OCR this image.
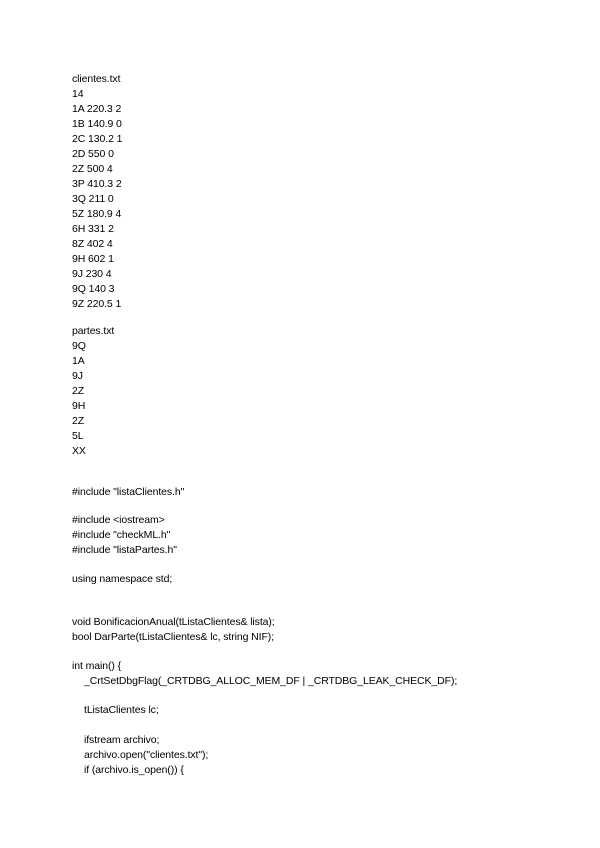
clientes.txt
14
1A 220.3 2
1B 140.9 0
2C 130.2 1
2D 550 0
2Z 500 4
3P 410.3 2
3Q 211 0
5Z 180.9 4
6H 331 2
8Z 402 4
9H 602 1
9J 230 4
9Q 140 3
9Z 220.5 1
partes.txt
9Q
1A
9J
2Z
9H
2Z
5L
XX
#include "listaClientes.h"
#include <iostream>
#include "checkML.h"
#include "listaPartes.h"
using namespace std;
void BonificacionAnual(tListaClientes& lista);
bool DarParte(tListaClientes& lc, string NIF);
int main() {
_CrtSetDbgFlag(_CRTDBG_ALLOC_MEM_DF | _CRTDBG_LEAK_CHECK_DF);
tListaClientes lc;
ifstream archivo;
archivo.open("clientes.txt");
if (archivo.is_open()) {
